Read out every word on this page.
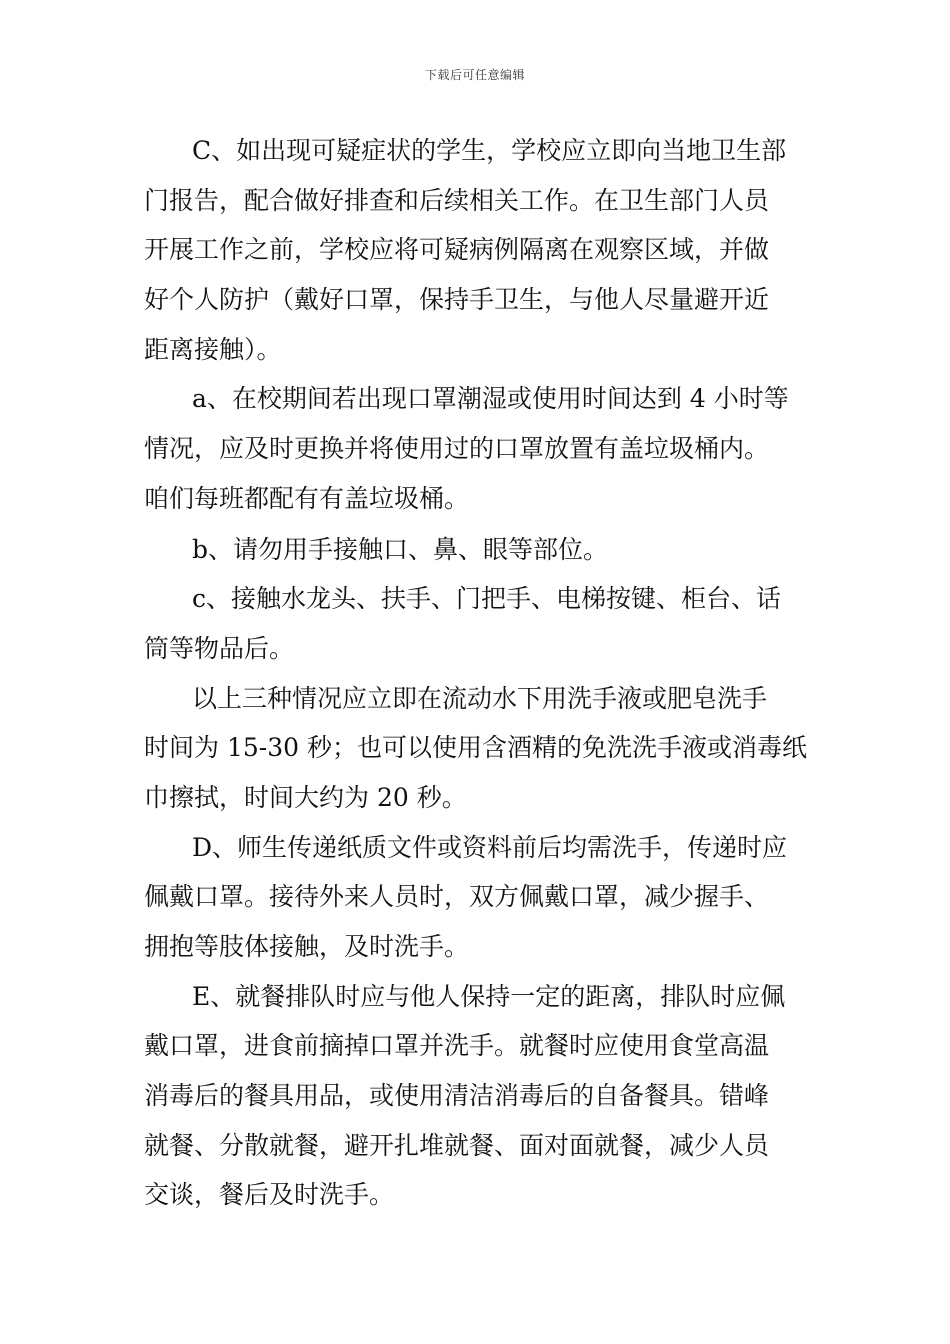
下载后可任意编辑
C、如出现可疑症状的学生，学校应立即向当地卫生部
门报告，配合做好排查和后续相关工作。在卫生部门人员
开展工作之前，学校应将可疑病例隔离在观察区域，并做
好个人防护（戴好口罩，保持手卫生，与他人尽量避开近
距离接触）。
a、在校期间若出现口罩潮湿或使用时间达到 4 小时等
情况，应及时更换并将使用过的口罩放置有盖垃圾桶内。
咱们每班都配有有盖垃圾桶。
b、请勿用手接触口、鼻、眼等部位。
c、接触水龙头、扶手、门把手、电梯按键、柜台、话
筒等物品后。
以上三种情况应立即在流动水下用洗手液或肥皂洗手
时间为 15-30 秒；也可以使用含酒精的免洗洗手液或消毒纸
巾擦拭，时间大约为 20 秒。
D、师生传递纸质文件或资料前后均需洗手，传递时应
佩戴口罩。接待外来人员时，双方佩戴口罩，减少握手、
拥抱等肢体接触，及时洗手。
E、就餐排队时应与他人保持一定的距离，排队时应佩
戴口罩，进食前摘掉口罩并洗手。就餐时应使用食堂高温
消毒后的餐具用品，或使用清洁消毒后的自备餐具。错峰
就餐、分散就餐，避开扎堆就餐、面对面就餐，减少人员
交谈，餐后及时洗手。
